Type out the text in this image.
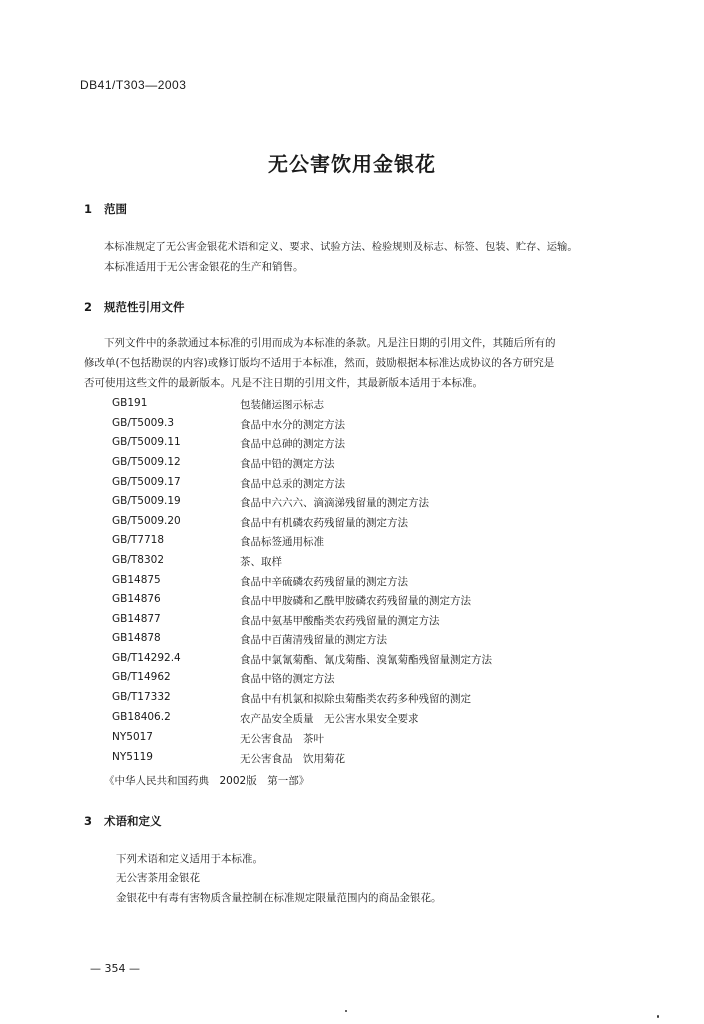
DB41/T303—2003
无公害饮用金银花
1 范围
本标准规定了无公害金银花术语和定义、要求、试验方法、检验规则及标志、标签、包装、贮存、运输。
本标准适用于无公害金银花的生产和销售。
2 规范性引用文件
下列文件中的条款通过本标准的引用而成为本标准的条款。凡是注日期的引用文件，其随后所有的
修改单(不包括勘误的内容)或修订版均不适用于本标准，然而，鼓励根据本标准达成协议的各方研究是
否可使用这些文件的最新版本。凡是不注日期的引用文件，其最新版本适用于本标准。
GB191	包装储运图示标志
GB/T5009.3	食品中水分的测定方法
GB/T5009.11	食品中总砷的测定方法
GB/T5009.12	食品中铅的测定方法
GB/T5009.17	食品中总汞的测定方法
GB/T5009.19	食品中六六六、滴滴涕残留量的测定方法
GB/T5009.20	食品中有机磷农药残留量的测定方法
GB/T7718	食品标签通用标准
GB/T8302	茶、取样
GB14875	食品中辛硫磷农药残留量的测定方法
GB14876	食品中甲胺磷和乙酰甲胺磷农药残留量的测定方法
GB14877	食品中氨基甲酸酯类农药残留量的测定方法
GB14878	食品中百菌清残留量的测定方法
GB/T14292.4	食品中氯氰菊酯、氰戊菊酯、溴氰菊酯残留量测定方法
GB/T14962	食品中铬的测定方法
GB/T17332	食品中有机氯和拟除虫菊酯类农药多种残留的测定
GB18406.2	农产品安全质量　无公害水果安全要求
NY5017	无公害食品　茶叶
NY5119	无公害食品　饮用菊花
《中华人民共和国药典　2002版　第一部》
3 术语和定义
下列术语和定义适用于本标准。
无公害茶用金银花
金银花中有毒有害物质含量控制在标准规定限量范围内的商品金银花。
— 354 —
